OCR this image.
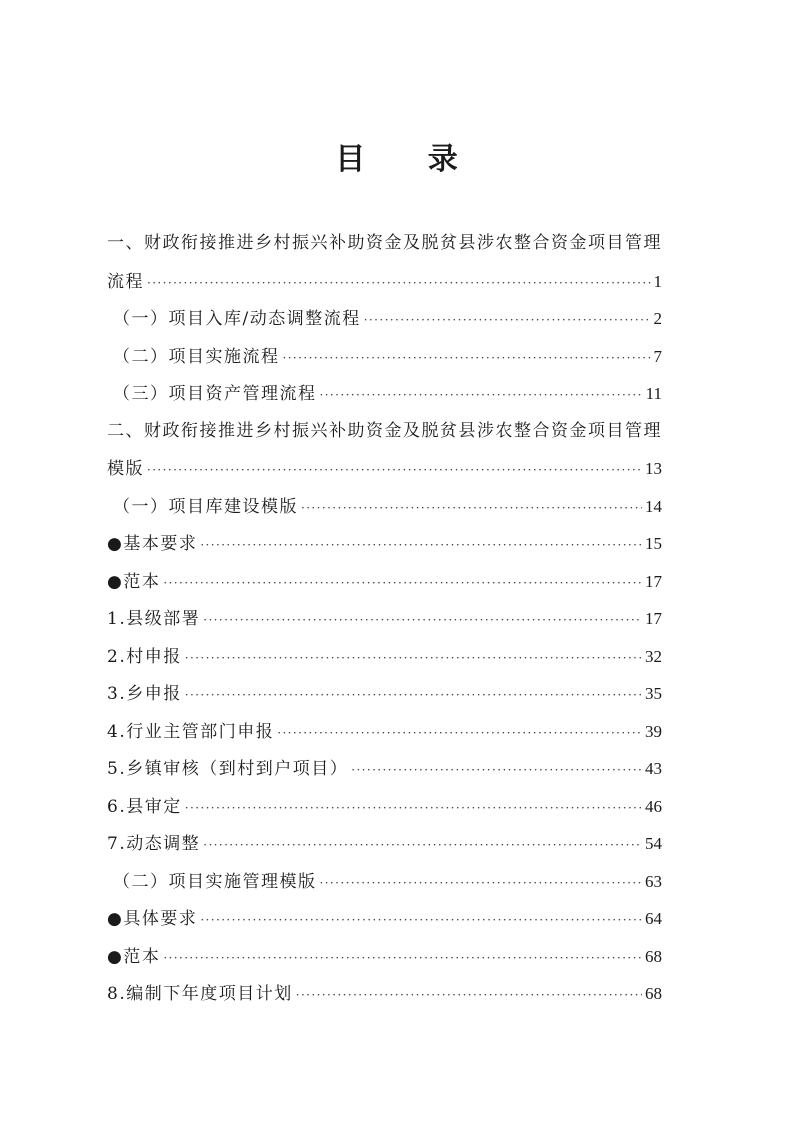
目 录
一、财政衔接推进乡村振兴补助资金及脱贫县涉农整合资金项目管理
流程 ·····	1
（一）项目入库/动态调整流程 ·····	2
（二）项目实施流程 ·····	7
（三）项目资产管理流程 ·····	11
二、财政衔接推进乡村振兴补助资金及脱贫县涉农整合资金项目管理
模版 ·····	13
（一）项目库建设模版 ·····	14
●基本要求 ·····	15
●范本 ·····	17
1.县级部署 ·····	17
2.村申报 ·····	32
3.乡申报 ·····	35
4.行业主管部门申报 ·····	39
5.乡镇审核（到村到户项目） ·····	43
6.县审定 ·····	46
7.动态调整 ·····	54
（二）项目实施管理模版 ·····	63
●具体要求 ·····	64
●范本 ·····	68
8.编制下年度项目计划 ·····	68
